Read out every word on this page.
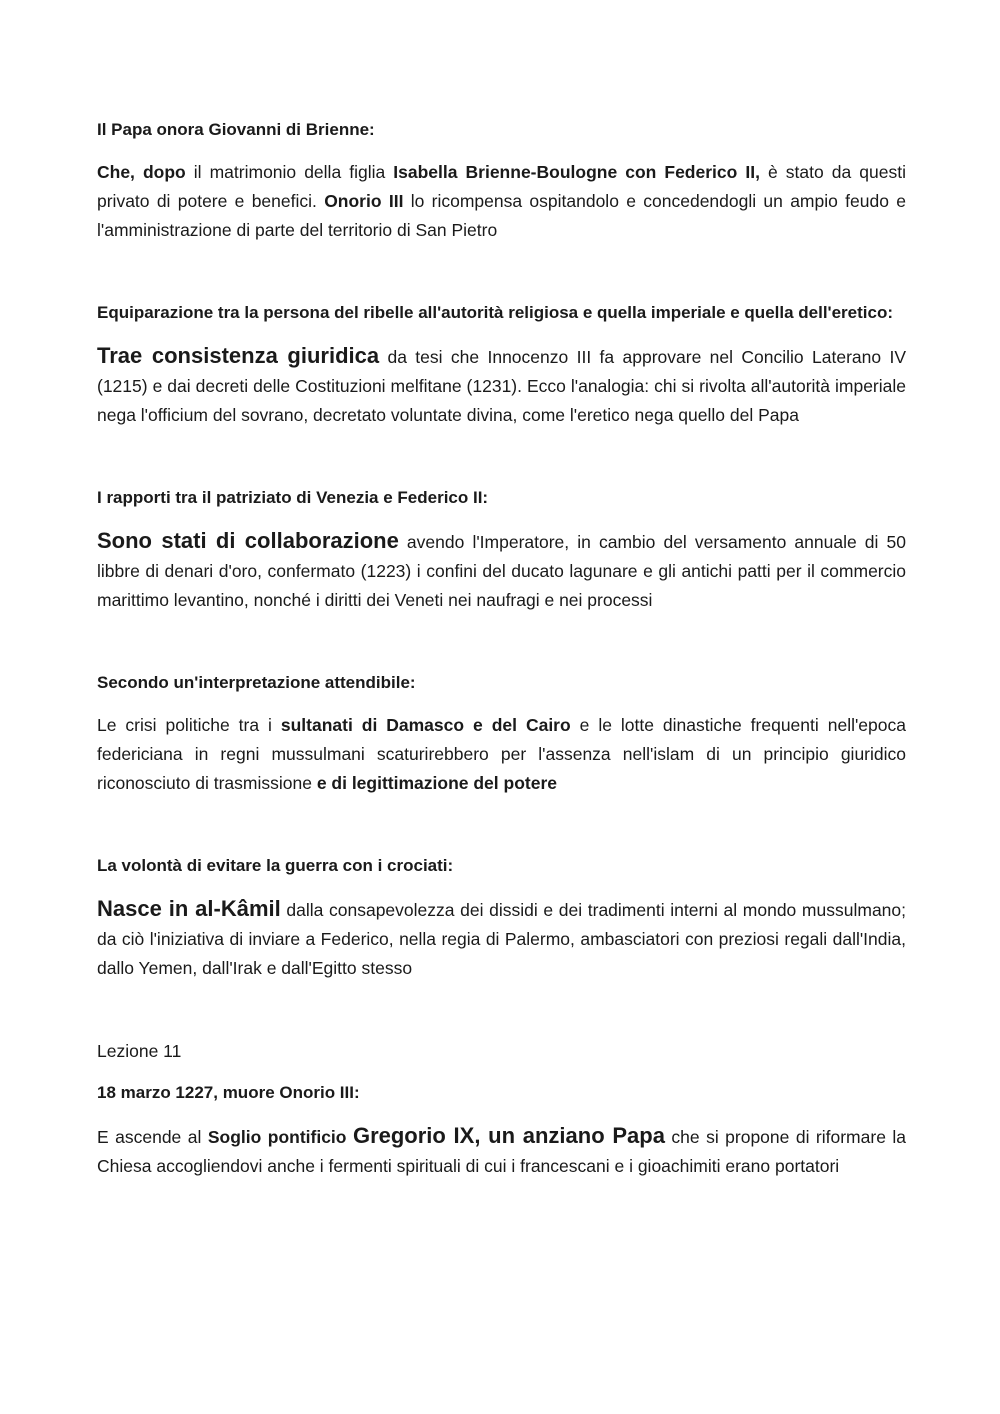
Il Papa onora Giovanni di Brienne:

Che, dopo il matrimonio della figlia Isabella Brienne-Boulogne con Federico II, è stato da questi privato di potere e benefici. Onorio III lo ricompensa ospitandolo e concedendogli un ampio feudo e l'amministrazione di parte del territorio di San Pietro

Equiparazione tra la persona del ribelle all'autorità religiosa e quella imperiale e quella dell'eretico:

Trae consistenza giuridica da tesi che Innocenzo III fa approvare nel Concilio Laterano IV (1215) e dai decreti delle Costituzioni melfitane (1231). Ecco l'analogia: chi si rivolta all'autorità imperiale nega l'officium del sovrano, decretato voluntate divina, come l'eretico nega quello del Papa

I rapporti tra il patriziato di Venezia e Federico II:

Sono stati di collaborazione avendo l'Imperatore, in cambio del versamento annuale di 50 libbre di denari d'oro, confermato (1223) i confini del ducato lagunare e gli antichi patti per il commercio marittimo levantino, nonché i diritti dei Veneti nei naufragi e nei processi

Secondo un'interpretazione attendibile:

Le crisi politiche tra i sultanati di Damasco e del Cairo e le lotte dinastiche frequenti nell'epoca federiciana in regni mussulmani scaturirebbero per l'assenza nell'islam di un principio giuridico riconosciuto di trasmissione e di legittimazione del potere

La volontà di evitare la guerra con i crociati:

Nasce in al-Kâmil dalla consapevolezza dei dissidi e dei tradimenti interni al mondo mussulmano; da ciò l'iniziativa di inviare a Federico, nella regia di Palermo, ambasciatori con preziosi regali dall'India, dallo Yemen, dall'Irak e dall'Egitto stesso

Lezione 11

18 marzo 1227, muore Onorio III:

E ascende al Soglio pontificio Gregorio IX, un anziano Papa che si propone di riformare la Chiesa accogliendovi anche i fermenti spirituali di cui i francescani e i gioachimiti erano portatori
